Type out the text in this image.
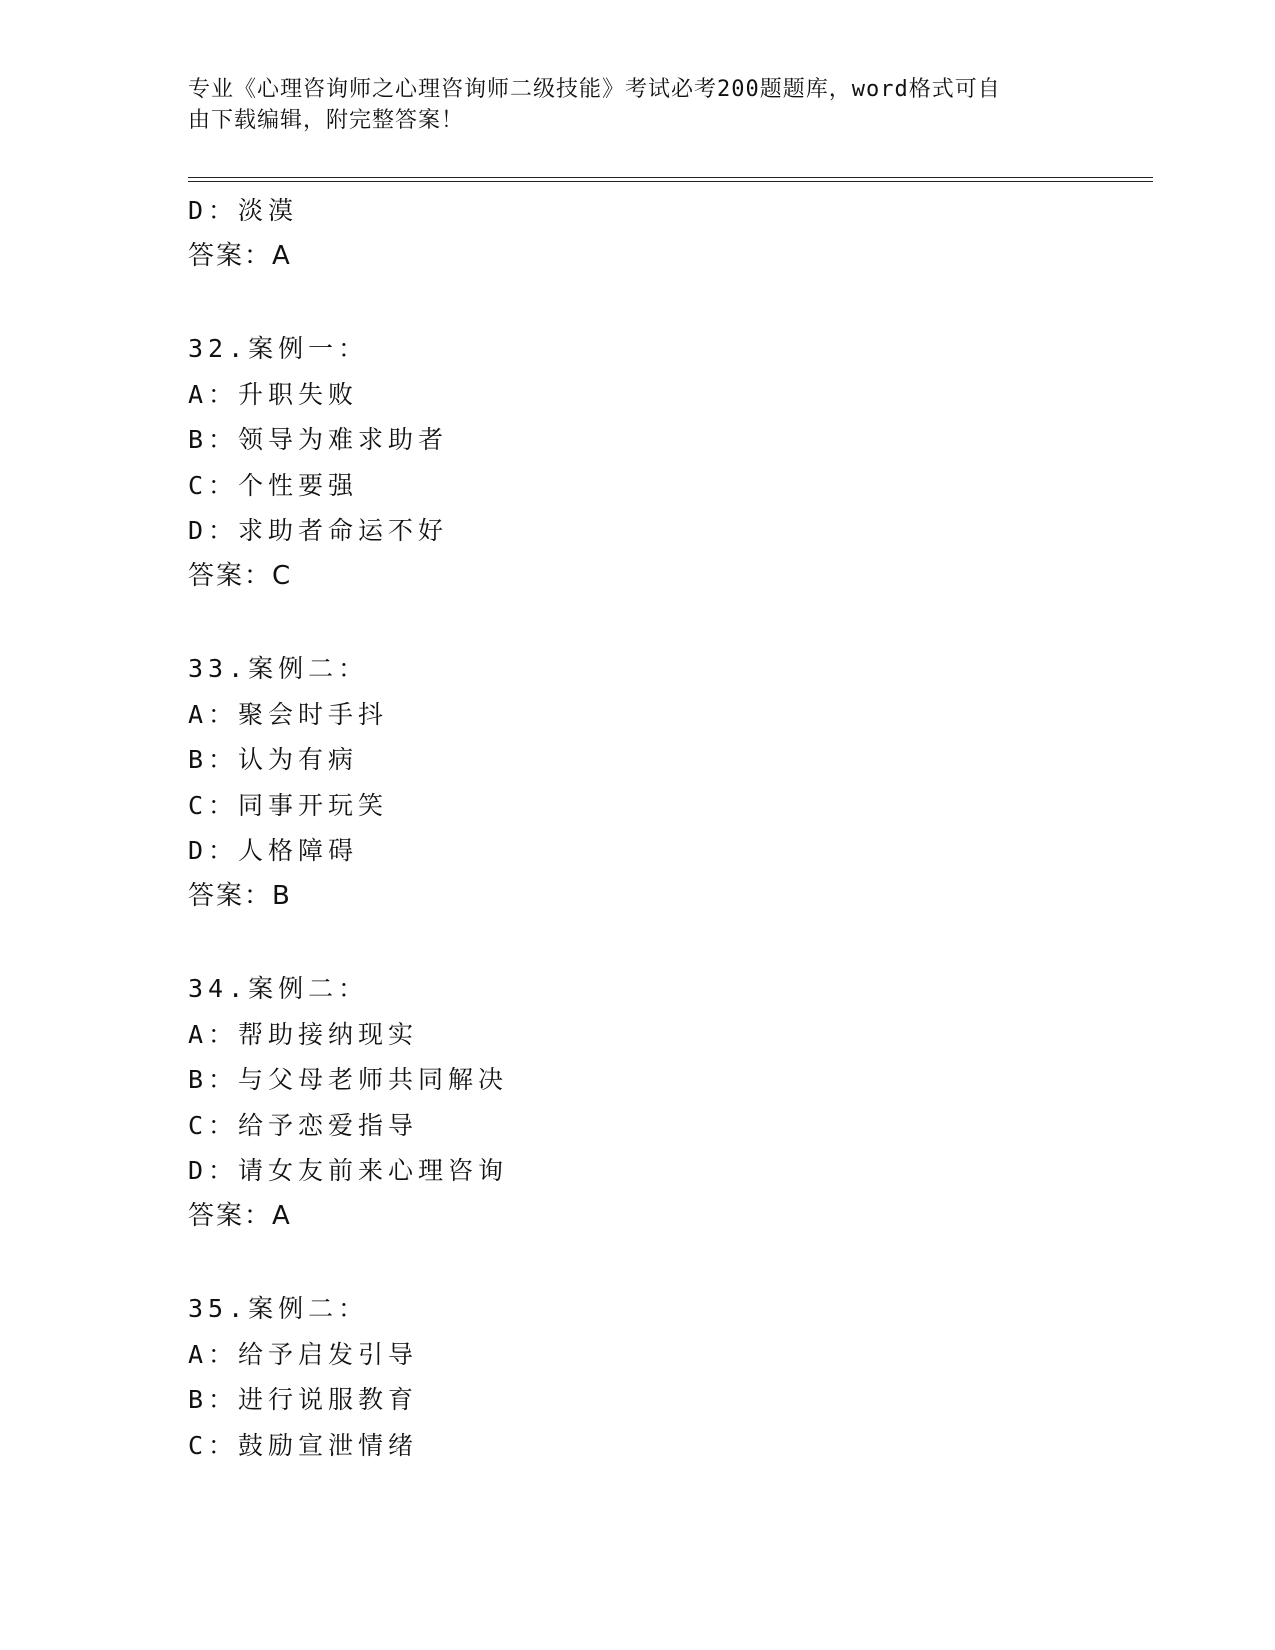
专业《心理咨询师之心理咨询师二级技能》考试必考200题题库，word格式可自
由下载编辑，附完整答案！
D：淡漠
答案：A
32.案例一：
A：升职失败
B：领导为难求助者
C：个性要强
D：求助者命运不好
答案：C
33.案例二：
A：聚会时手抖
B：认为有病
C：同事开玩笑
D：人格障碍
答案：B
34.案例二：
A：帮助接纳现实
B：与父母老师共同解决
C：给予恋爱指导
D：请女友前来心理咨询
答案：A
35.案例二：
A：给予启发引导
B：进行说服教育
C：鼓励宣泄情绪
